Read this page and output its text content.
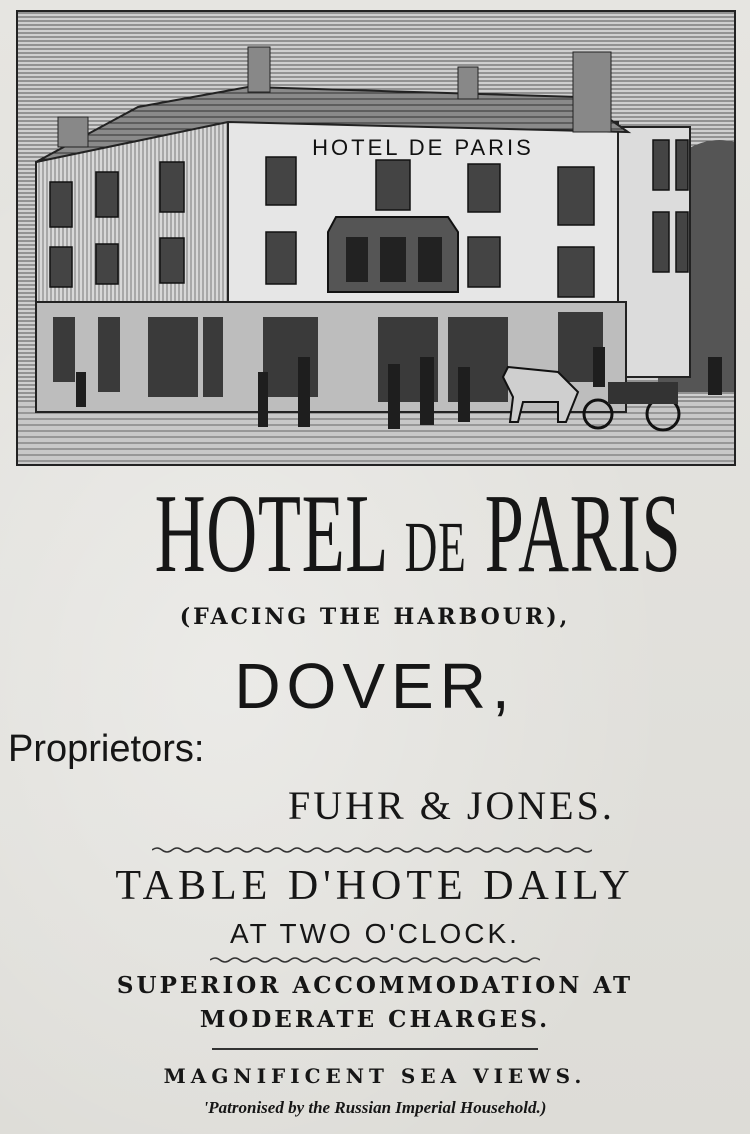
HOTEL DE PARIS
HOTEL DE PARIS
(FACING THE HARBOUR),
DOVER,
Proprietors:
FUHR & JONES.
TABLE D'HOTE DAILY
AT TWO O'CLOCK.
SUPERIOR ACCOMMODATION AT
MODERATE CHARGES.
MAGNIFICENT SEA VIEWS.
'Patronised by the Russian Imperial Household.)
